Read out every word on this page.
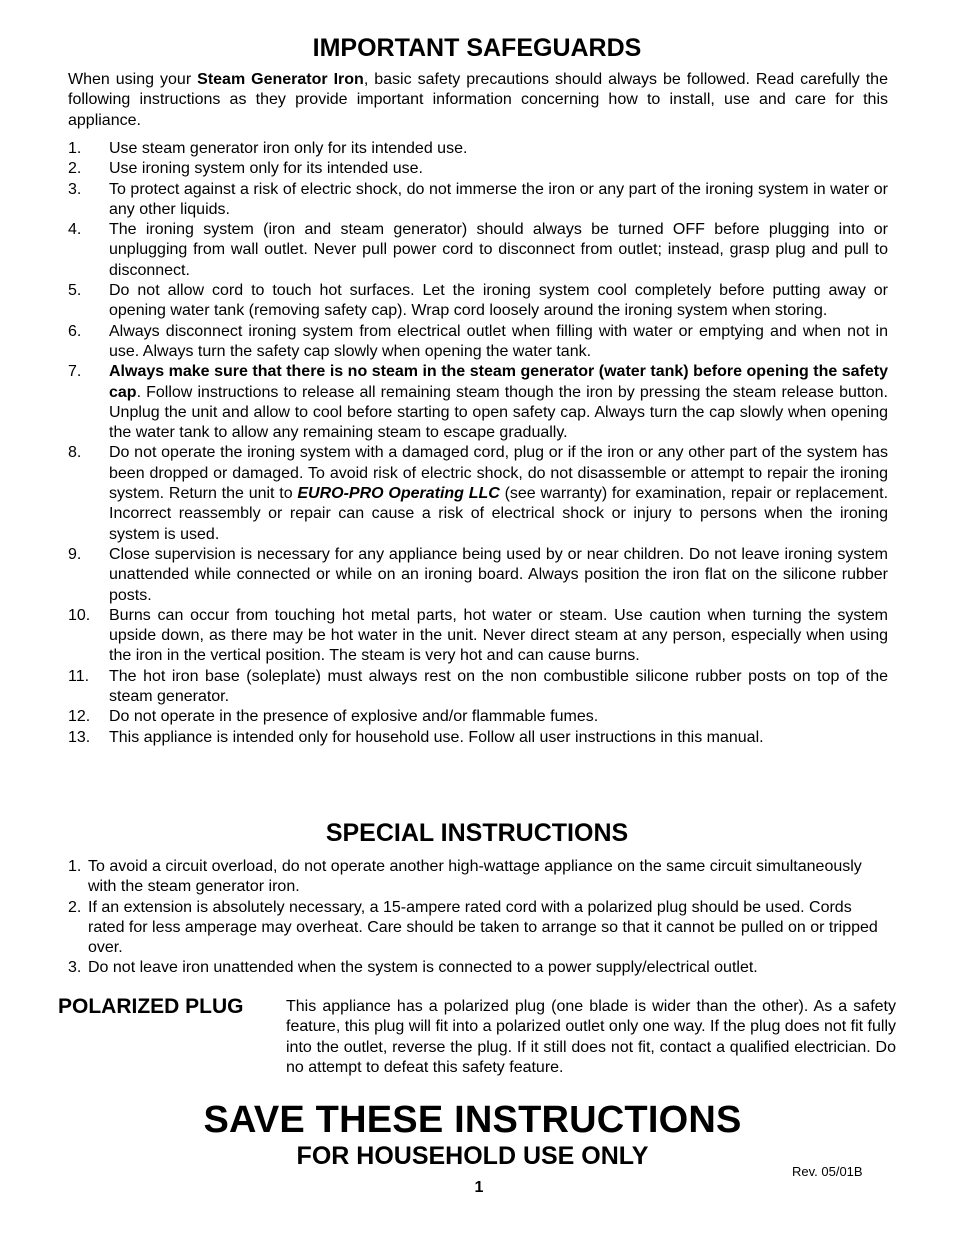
IMPORTANT SAFEGUARDS

When using your Steam Generator Iron, basic safety precautions should always be followed. Read carefully the following instructions as they provide important information concerning how to install, use and care for this appliance.

1. Use steam generator iron only for its intended use.
2. Use ironing system only for its intended use.
3. To protect against a risk of electric shock, do not immerse the iron or any part of the ironing system in water or any other liquids.
4. The ironing system (iron and steam generator) should always be turned OFF before plugging into or unplugging from wall outlet. Never pull power cord to disconnect from outlet; instead, grasp plug and pull to disconnect.
5. Do not allow cord to touch hot surfaces. Let the ironing system cool completely before putting away or opening water tank (removing safety cap). Wrap cord loosely around the ironing system when storing.
6. Always disconnect ironing system from electrical outlet when filling with water or emptying and when not in use. Always turn the safety cap slowly when opening the water tank.
7. Always make sure that there is no steam in the steam generator (water tank) before opening the safety cap. Follow instructions to release all remaining steam though the iron by pressing the steam release button. Unplug the unit and allow to cool before starting to open safety cap. Always turn the cap slowly when opening the water tank to allow any remaining steam to escape gradually.
8. Do not operate the ironing system with a damaged cord, plug or if the iron or any other part of the system has been dropped or damaged. To avoid risk of electric shock, do not disassemble or attempt to repair the ironing system. Return the unit to EURO-PRO Operating LLC (see warranty) for examination, repair or replacement. Incorrect reassembly or repair can cause a risk of electrical shock or injury to persons when the ironing system is used.
9. Close supervision is necessary for any appliance being used by or near children. Do not leave ironing system unattended while connected or while on an ironing board. Always position the iron flat on the silicone rubber posts.
10. Burns can occur from touching hot metal parts, hot water or steam. Use caution when turning the system upside down, as there may be hot water in the unit. Never direct steam at any person, especially when using the iron in the vertical position. The steam is very hot and can cause burns.
11. The hot iron base (soleplate) must always rest on the non combustible silicone rubber posts on top of the steam generator.
12. Do not operate in the presence of explosive and/or flammable fumes.
13. This appliance is intended only for household use. Follow all user instructions in this manual.
SPECIAL INSTRUCTIONS
1. To avoid a circuit overload, do not operate another high-wattage appliance on the same circuit simultaneously with the steam generator iron.
2. If an extension is absolutely necessary, a 15-ampere rated cord with a polarized plug should be used. Cords rated for less amperage may overheat. Care should be taken to arrange so that it cannot be pulled on or tripped over.
3. Do not leave iron unattended when the system is connected to a power supply/electrical outlet.
POLARIZED PLUG	This appliance has a polarized plug (one blade is wider than the other). As a safety feature, this plug will fit into a polarized outlet only one way. If the plug does not fit fully into the outlet, reverse the plug. If it still does not fit, contact a qualified electrician. Do no attempt to defeat this safety feature.

SAVE THESE INSTRUCTIONS
FOR HOUSEHOLD USE ONLY

Rev. 05/01B

1
